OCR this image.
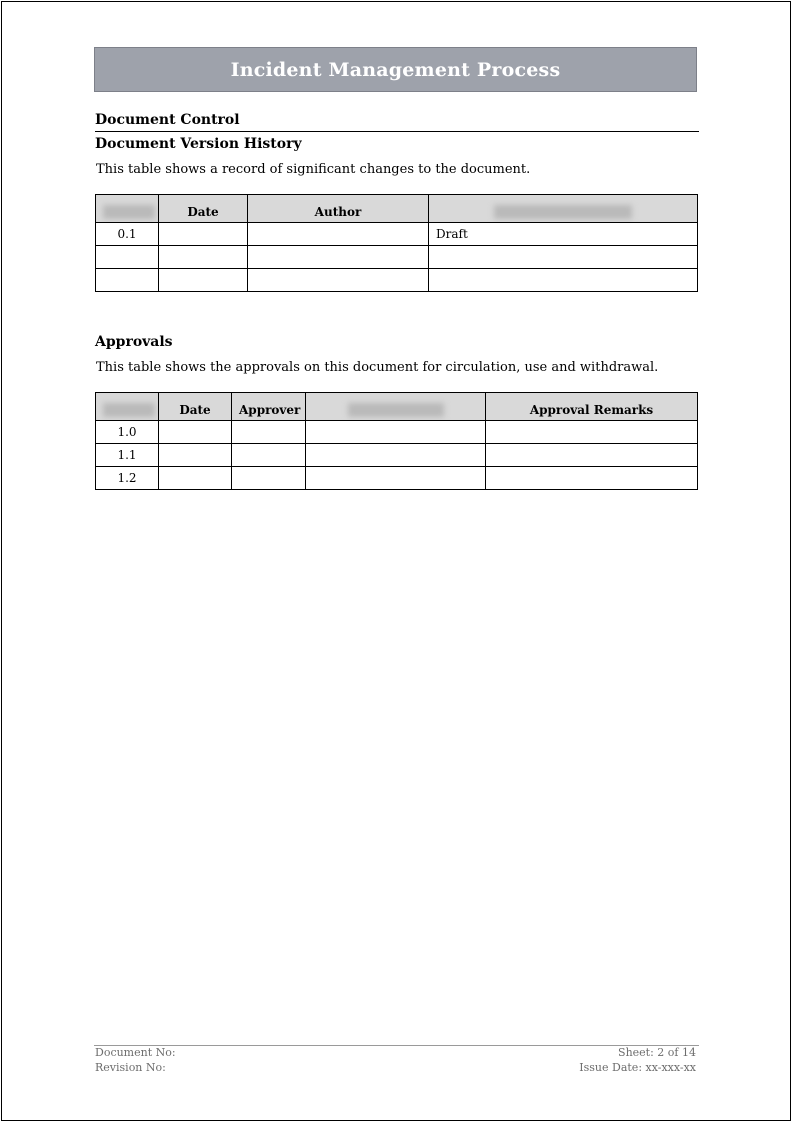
Incident Management Process
Document Control
Document Version History
This table shows a record of significant changes to the document.
	Date	Author	
0.1			Draft

Approvals
This table shows the approvals on this document for circulation, use and withdrawal.
	Date	Approver		Approval Remarks
1.0				
1.1				
1.2				
Document No:
Revision No:
Sheet: 2 of 14
Issue Date: xx-xxx-xx
